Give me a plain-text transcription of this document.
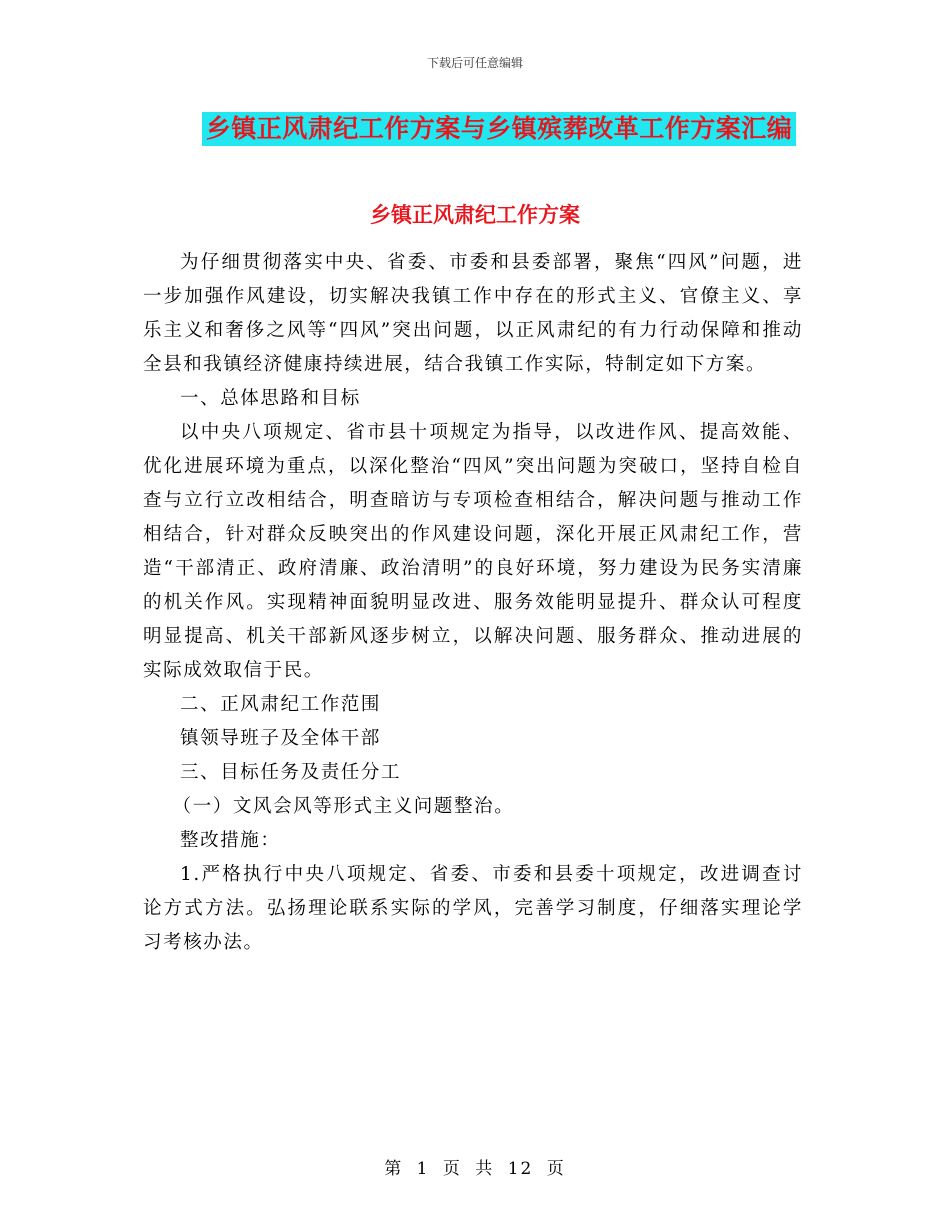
下载后可任意编辑
乡镇正风肃纪工作方案与乡镇殡葬改革工作方案汇编
乡镇正风肃纪工作方案

为仔细贯彻落实中央、省委、市委和县委部署，聚焦“四风”问题，进一步加强作风建设，切实解决我镇工作中存在的形式主义、官僚主义、享乐主义和奢侈之风等“四风”突出问题，以正风肃纪的有力行动保障和推动全县和我镇经济健康持续进展，结合我镇工作实际，特制定如下方案。

一、总体思路和目标

以中央八项规定、省市县十项规定为指导，以改进作风、提高效能、优化进展环境为重点，以深化整治“四风”突出问题为突破口，坚持自检自查与立行立改相结合，明查暗访与专项检查相结合，解决问题与推动工作相结合，针对群众反映突出的作风建设问题，深化开展正风肃纪工作，营造“干部清正、政府清廉、政治清明”的良好环境，努力建设为民务实清廉的机关作风。实现精神面貌明显改进、服务效能明显提升、群众认可程度明显提高、机关干部新风逐步树立，以解决问题、服务群众、推动进展的实际成效取信于民。

二、正风肃纪工作范围

镇领导班子及全体干部

三、目标任务及责任分工

（一）文风会风等形式主义问题整治。

整改措施：

1.严格执行中央八项规定、省委、市委和县委十项规定，改进调查讨论方式方法。弘扬理论联系实际的学风，完善学习制度，仔细落实理论学习考核办法。

第 1 页 共 12 页
